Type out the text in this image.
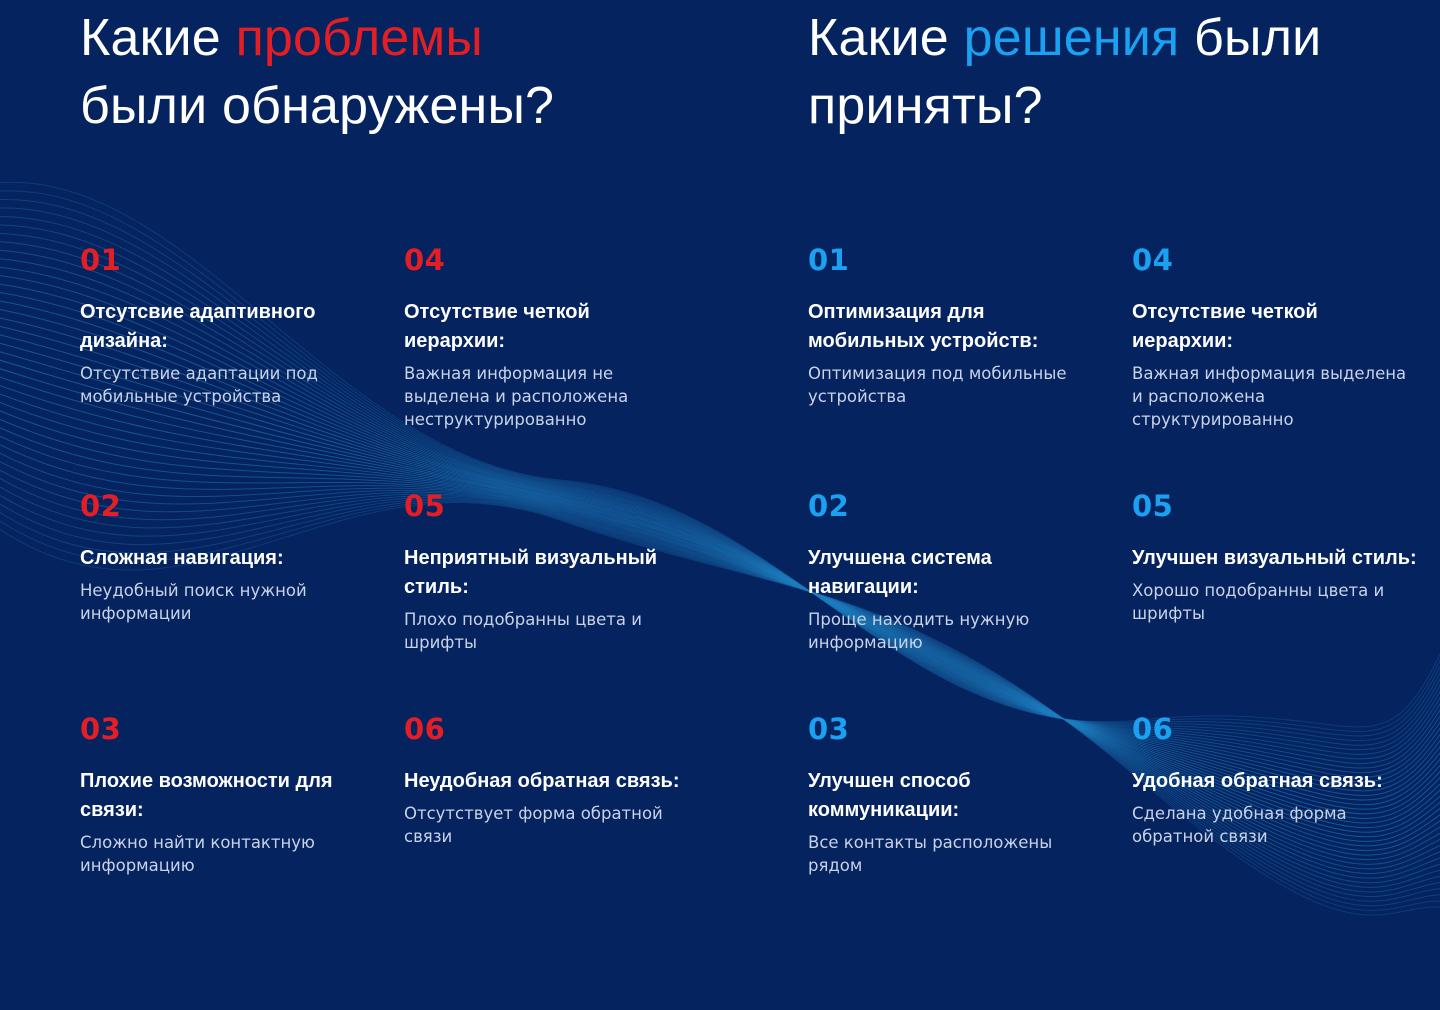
Какие проблемы
были обнаружены?
Какие решения были
приняты?
01
Отсутсвие адаптивного дизайна:
Отсутствие адаптации под мобильные устройства
02
Сложная навигация:
Неудобный поиск нужной информации
03
Плохие возможности для связи:
Сложно найти контактную информацию
04
Отсутствие четкой иерархии:
Важная информация не выделена и расположена неструктурированно
05
Неприятный визуальный стиль:
Плохо подобранны цвета и шрифты
06
Неудобная обратная связь:
Отсутствует форма обратной связи
01
Оптимизация для мобильных устройств:
Оптимизация под мобильные устройства
02
Улучшена система навигации:
Проще находить нужную информацию
03
Улучшен способ коммуникации:
Все контакты расположены рядом
04
Отсутствие четкой иерархии:
Важная информация выделена и расположена структурированно
05
Улучшен визуальный стиль:
Хорошо подобранны цвета и шрифты
06
Удобная обратная связь:
Сделана удобная форма обратной связи
